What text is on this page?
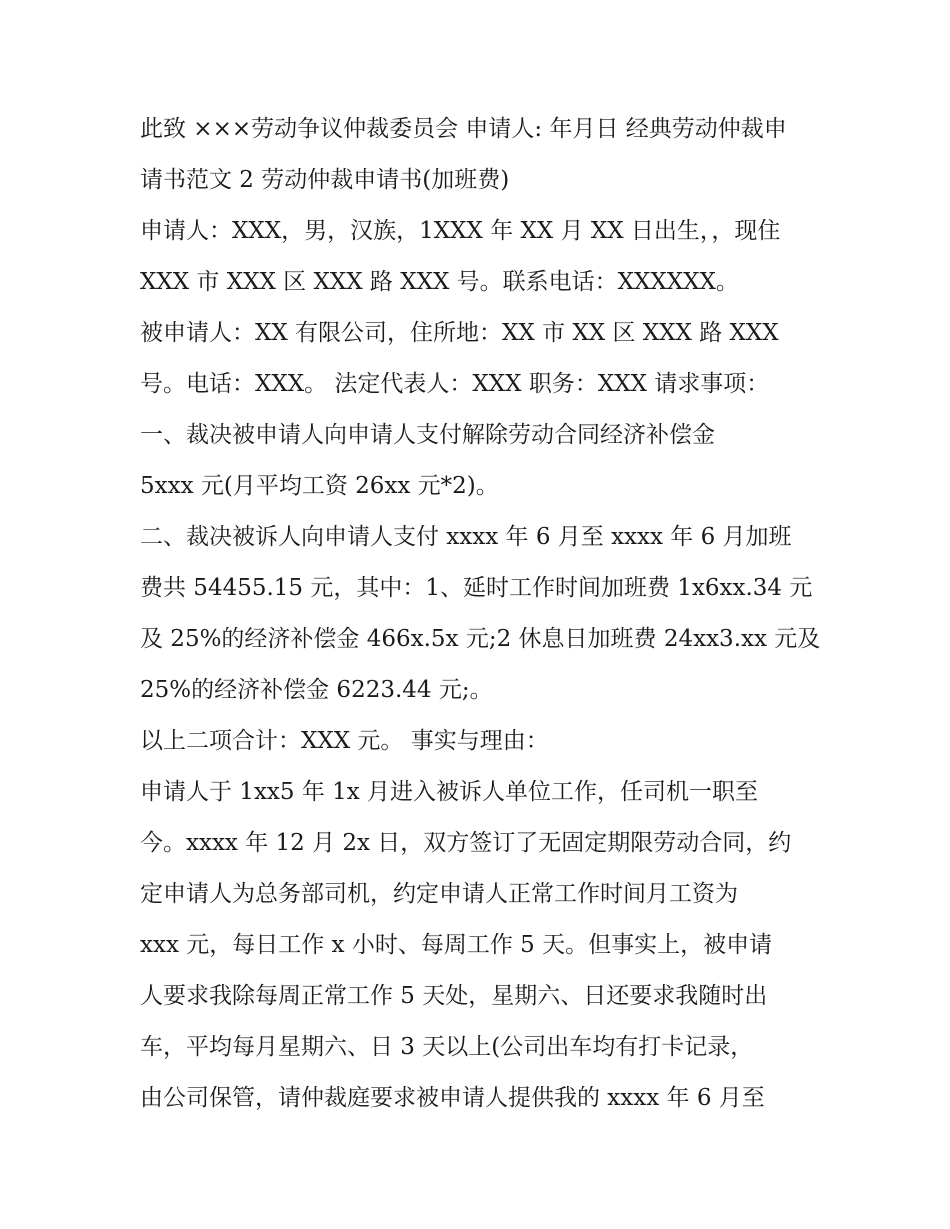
此致 ×××劳动争议仲裁委员会 申请人: 年月日 经典劳动仲裁申
请书范文 2 劳动仲裁申请书(加班费)
申请人：XXX，男，汉族，1XXX 年 XX 月 XX 日出生，，现住
XXX 市 XXX 区 XXX 路 XXX 号。联系电话：XXXXXX。
被申请人：XX 有限公司，住所地：XX 市 XX 区 XXX 路 XXX
号。电话：XXX。 法定代表人：XXX 职务：XXX 请求事项：
一、裁决被申请人向申请人支付解除劳动合同经济补偿金
5xxx 元(月平均工资 26xx 元*2)。
二、裁决被诉人向申请人支付 xxxx 年 6 月至 xxxx 年 6 月加班
费共 54455.15 元，其中：1、延时工作时间加班费 1x6xx.34 元
及 25%的经济补偿金 466x.5x 元;2 休息日加班费 24xx3.xx 元及
25%的经济补偿金 6223.44 元;。
以上二项合计：XXX 元。 事实与理由：
申请人于 1xx5 年 1x 月进入被诉人单位工作，任司机一职至
今。xxxx 年 12 月 2x 日，双方签订了无固定期限劳动合同，约
定申请人为总务部司机，约定申请人正常工作时间月工资为
xxx 元，每日工作 x 小时、每周工作 5 天。但事实上，被申请
人要求我除每周正常工作 5 天处，星期六、日还要求我随时出
车，平均每月星期六、日 3 天以上(公司出车均有打卡记录，
由公司保管，请仲裁庭要求被申请人提供我的 xxxx 年 6 月至
